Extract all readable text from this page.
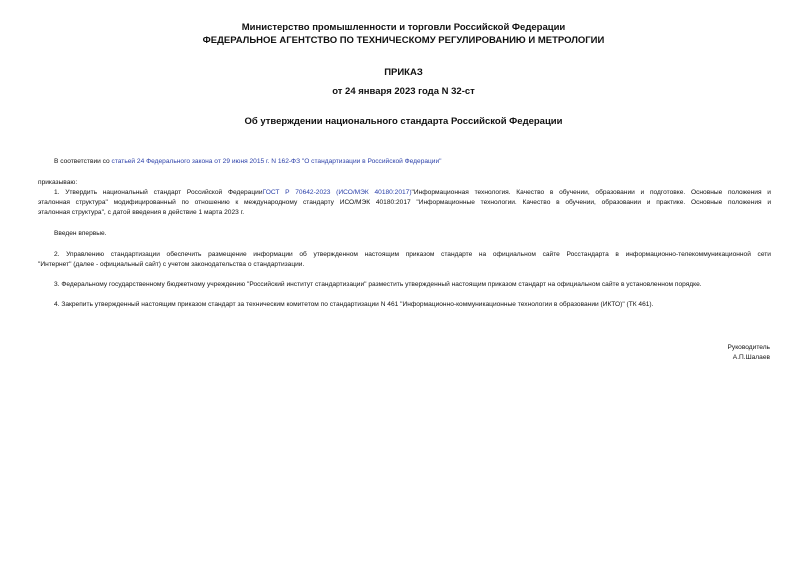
Министерство промышленности и торговли Российской Федерации
ФЕДЕРАЛЬНОЕ АГЕНТСТВО ПО ТЕХНИЧЕСКОМУ РЕГУЛИРОВАНИЮ И МЕТРОЛОГИИ
ПРИКАЗ
от 24 января 2023 года N 32-ст
Об утверждении национального стандарта Российской Федерации
В соответствии со статьей 24 Федерального закона от 29 июня 2015 г. N 162-ФЗ "О стандартизации в Российской Федерации"
приказываю:
1. Утвердить национальный стандарт Российской ФедерацииГОСТ Р 70642-2023 (ИСО/МЭК 40180:2017)"Информационная технология. Качество в обучении, образовании и подготовке. Основные положения и
эталонная структура" модифицированный по отношению к международному стандарту ИСО/МЭК 40180:2017 "Информационные технологии. Качество в обучении, образовании и практике. Основные положения и
эталонная структура", с датой введения в действие 1 марта 2023 г.
Введен впервые.
2. Управлению стандартизации обеспечить размещение информации об утвержденном настоящим приказом стандарте на официальном сайте Росстандарта в информационно-телекоммуникационной сети
"Интернет" (далее - официальный сайт) с учетом законодательства о стандартизации.
3. Федеральному государственному бюджетному учреждению "Российский институт стандартизации" разместить утвержденный настоящим приказом стандарт на официальном сайте в установленном порядке.
4. Закрепить утвержденный настоящим приказом стандарт за техническим комитетом по стандартизации N 461 "Информационно-коммуникационные технологии в образовании (ИКТО)" (ТК 461).
Руководитель
А.П.Шалаев
